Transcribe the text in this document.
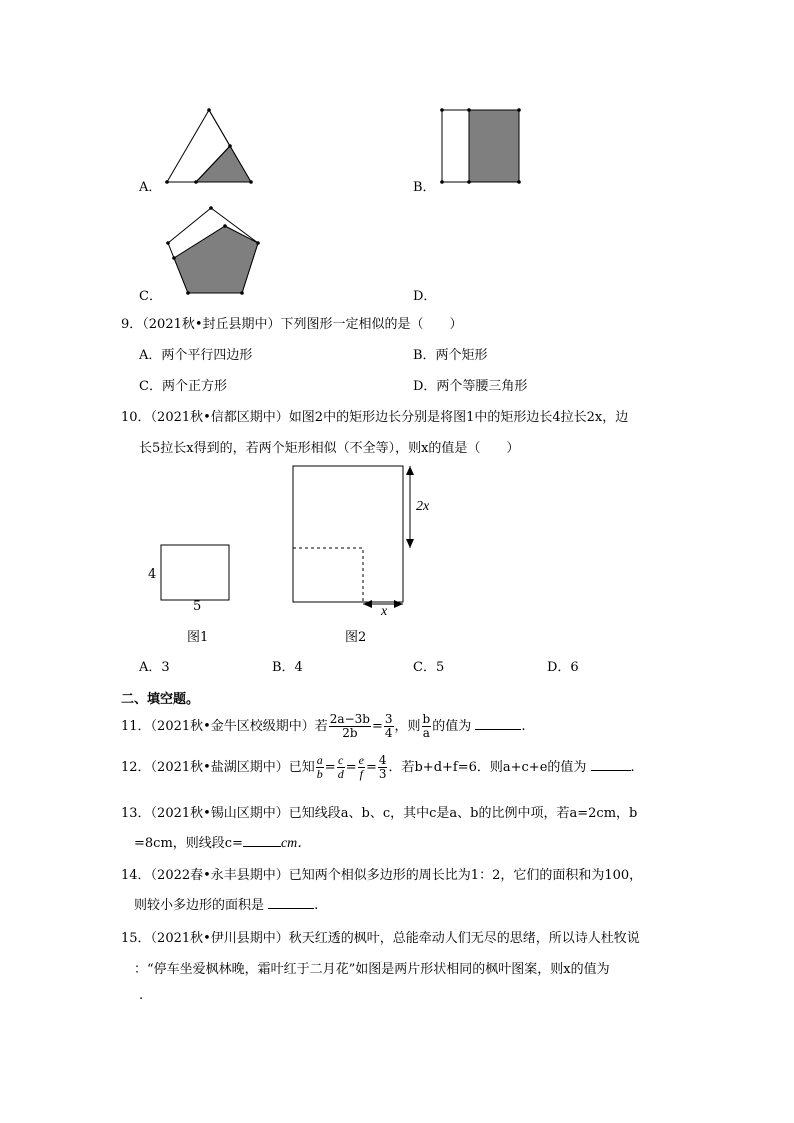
A．	B．
C．	D．
9．（2021秋•封丘县期中）下列图形一定相似的是（　　）
A．两个平行四边形	B．两个矩形
C．两个正方形	D．两个等腰三角形
10．（2021秋•信都区期中）如图2中的矩形边长分别是将图1中的矩形边长4拉长2x，边
长5拉长x得到的，若两个矩形相似（不全等），则x的值是（　　）
4
5
图1
2x
x
图2
A．3	B．4	C．5	D．6
二、填空题。
11．（2021秋•金牛区校级期中）若 $\frac{2a-3b}{2b} = \frac{3}{4}$ ，则 $\frac{b}{a}$ 的值为	.
12．（2021秋•盐湖区期中）已知 $\frac{a}{b} = \frac{c}{d} = \frac{e}{f} = \frac{4}{3}$ ．若b+d+f=6．则a+c+e的值为	.
13．（2021秋•锡山区期中）已知线段a、b、c，其中c是a、b的比例中项，若a=2cm，b
=8cm，则线段c=	cm．
14．（2022春•永丰县期中）已知两个相似多边形的周长比为1：2，它们的面积和为100，
则较小多边形的面积是	.
15．（2021秋•伊川县期中）秋天红透的枫叶，总能牵动人们无尽的思绪，所以诗人杜牧说
：“停车坐爱枫林晚，霜叶红于二月花”如图是两片形状相同的枫叶图案，则x的值为
.
